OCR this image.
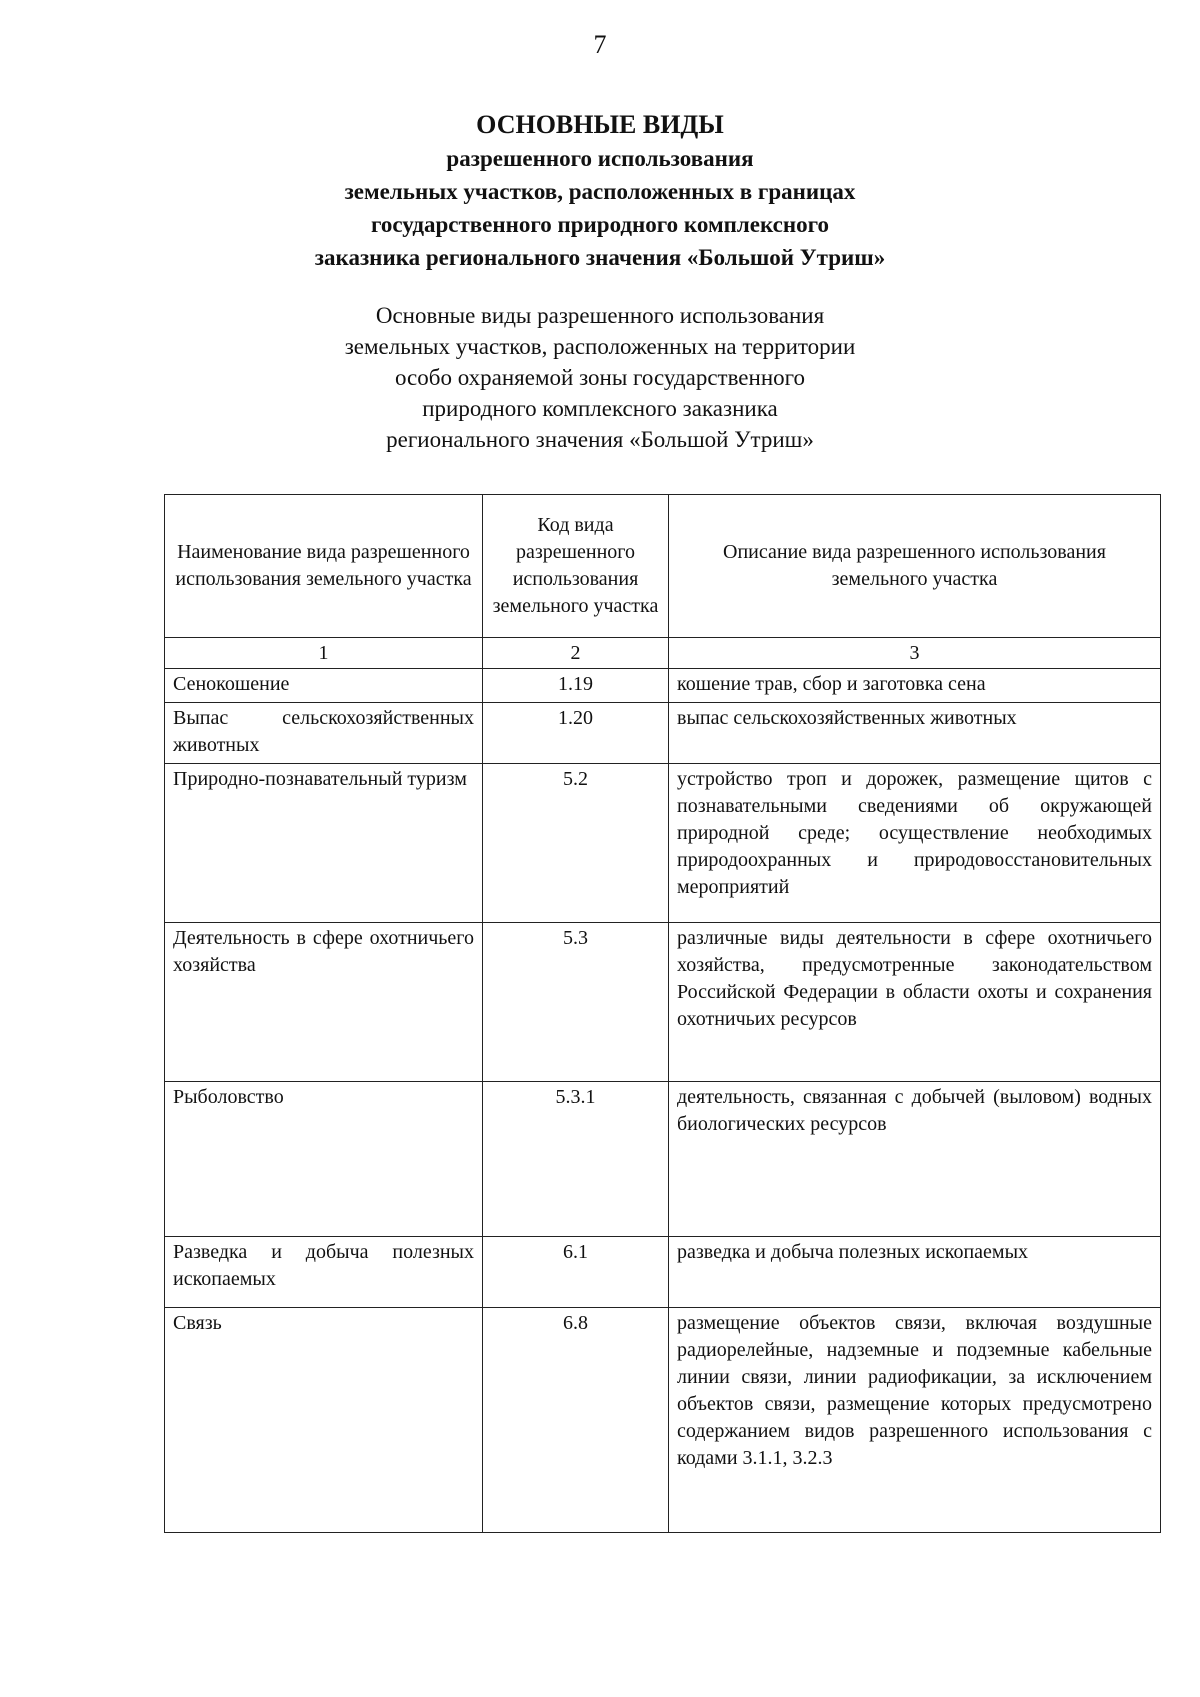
7
ОСНОВНЫЕ ВИДЫ
разрешенного использования
земельных участков, расположенных в границах
государственного природного комплексного
заказника регионального значения «Большой Утриш»
Основные виды разрешенного использования
земельных участков, расположенных на территории
особо охраняемой зоны государственного
природного комплексного заказника
регионального значения «Большой Утриш»
Наименование вида разрешенного использования земельного участка	Код вида разрешенного использования земельного участка	Описание вида разрешенного использования земельного участка
1	2	3
Сенокошение	1.19	кошение трав, сбор и заготовка сена
Выпас сельскохозяйственных животных	1.20	выпас сельскохозяйственных животных
Природно-познавательный туризм	5.2	устройство троп и дорожек, размещение щитов с познавательными сведениями об окружающей природной среде; осуществление необходимых природоохранных и природовосстановительных мероприятий
Деятельность в сфере охотничьего хозяйства	5.3	различные виды деятельности в сфере охотничьего хозяйства, предусмотренные законодательством Российской Федерации в области охоты и сохранения охотничьих ресурсов
Рыболовство	5.3.1	деятельность, связанная с добычей (выловом) водных биологических ресурсов
Разведка и добыча полезных ископаемых	6.1	разведка и добыча полезных ископаемых
Связь	6.8	размещение объектов связи, включая воздушные радиорелейные, надземные и подземные кабельные линии связи, линии радиофикации, за исключением объектов связи, размещение которых предусмотрено содержанием видов разрешенного использования с кодами 3.1.1, 3.2.3
